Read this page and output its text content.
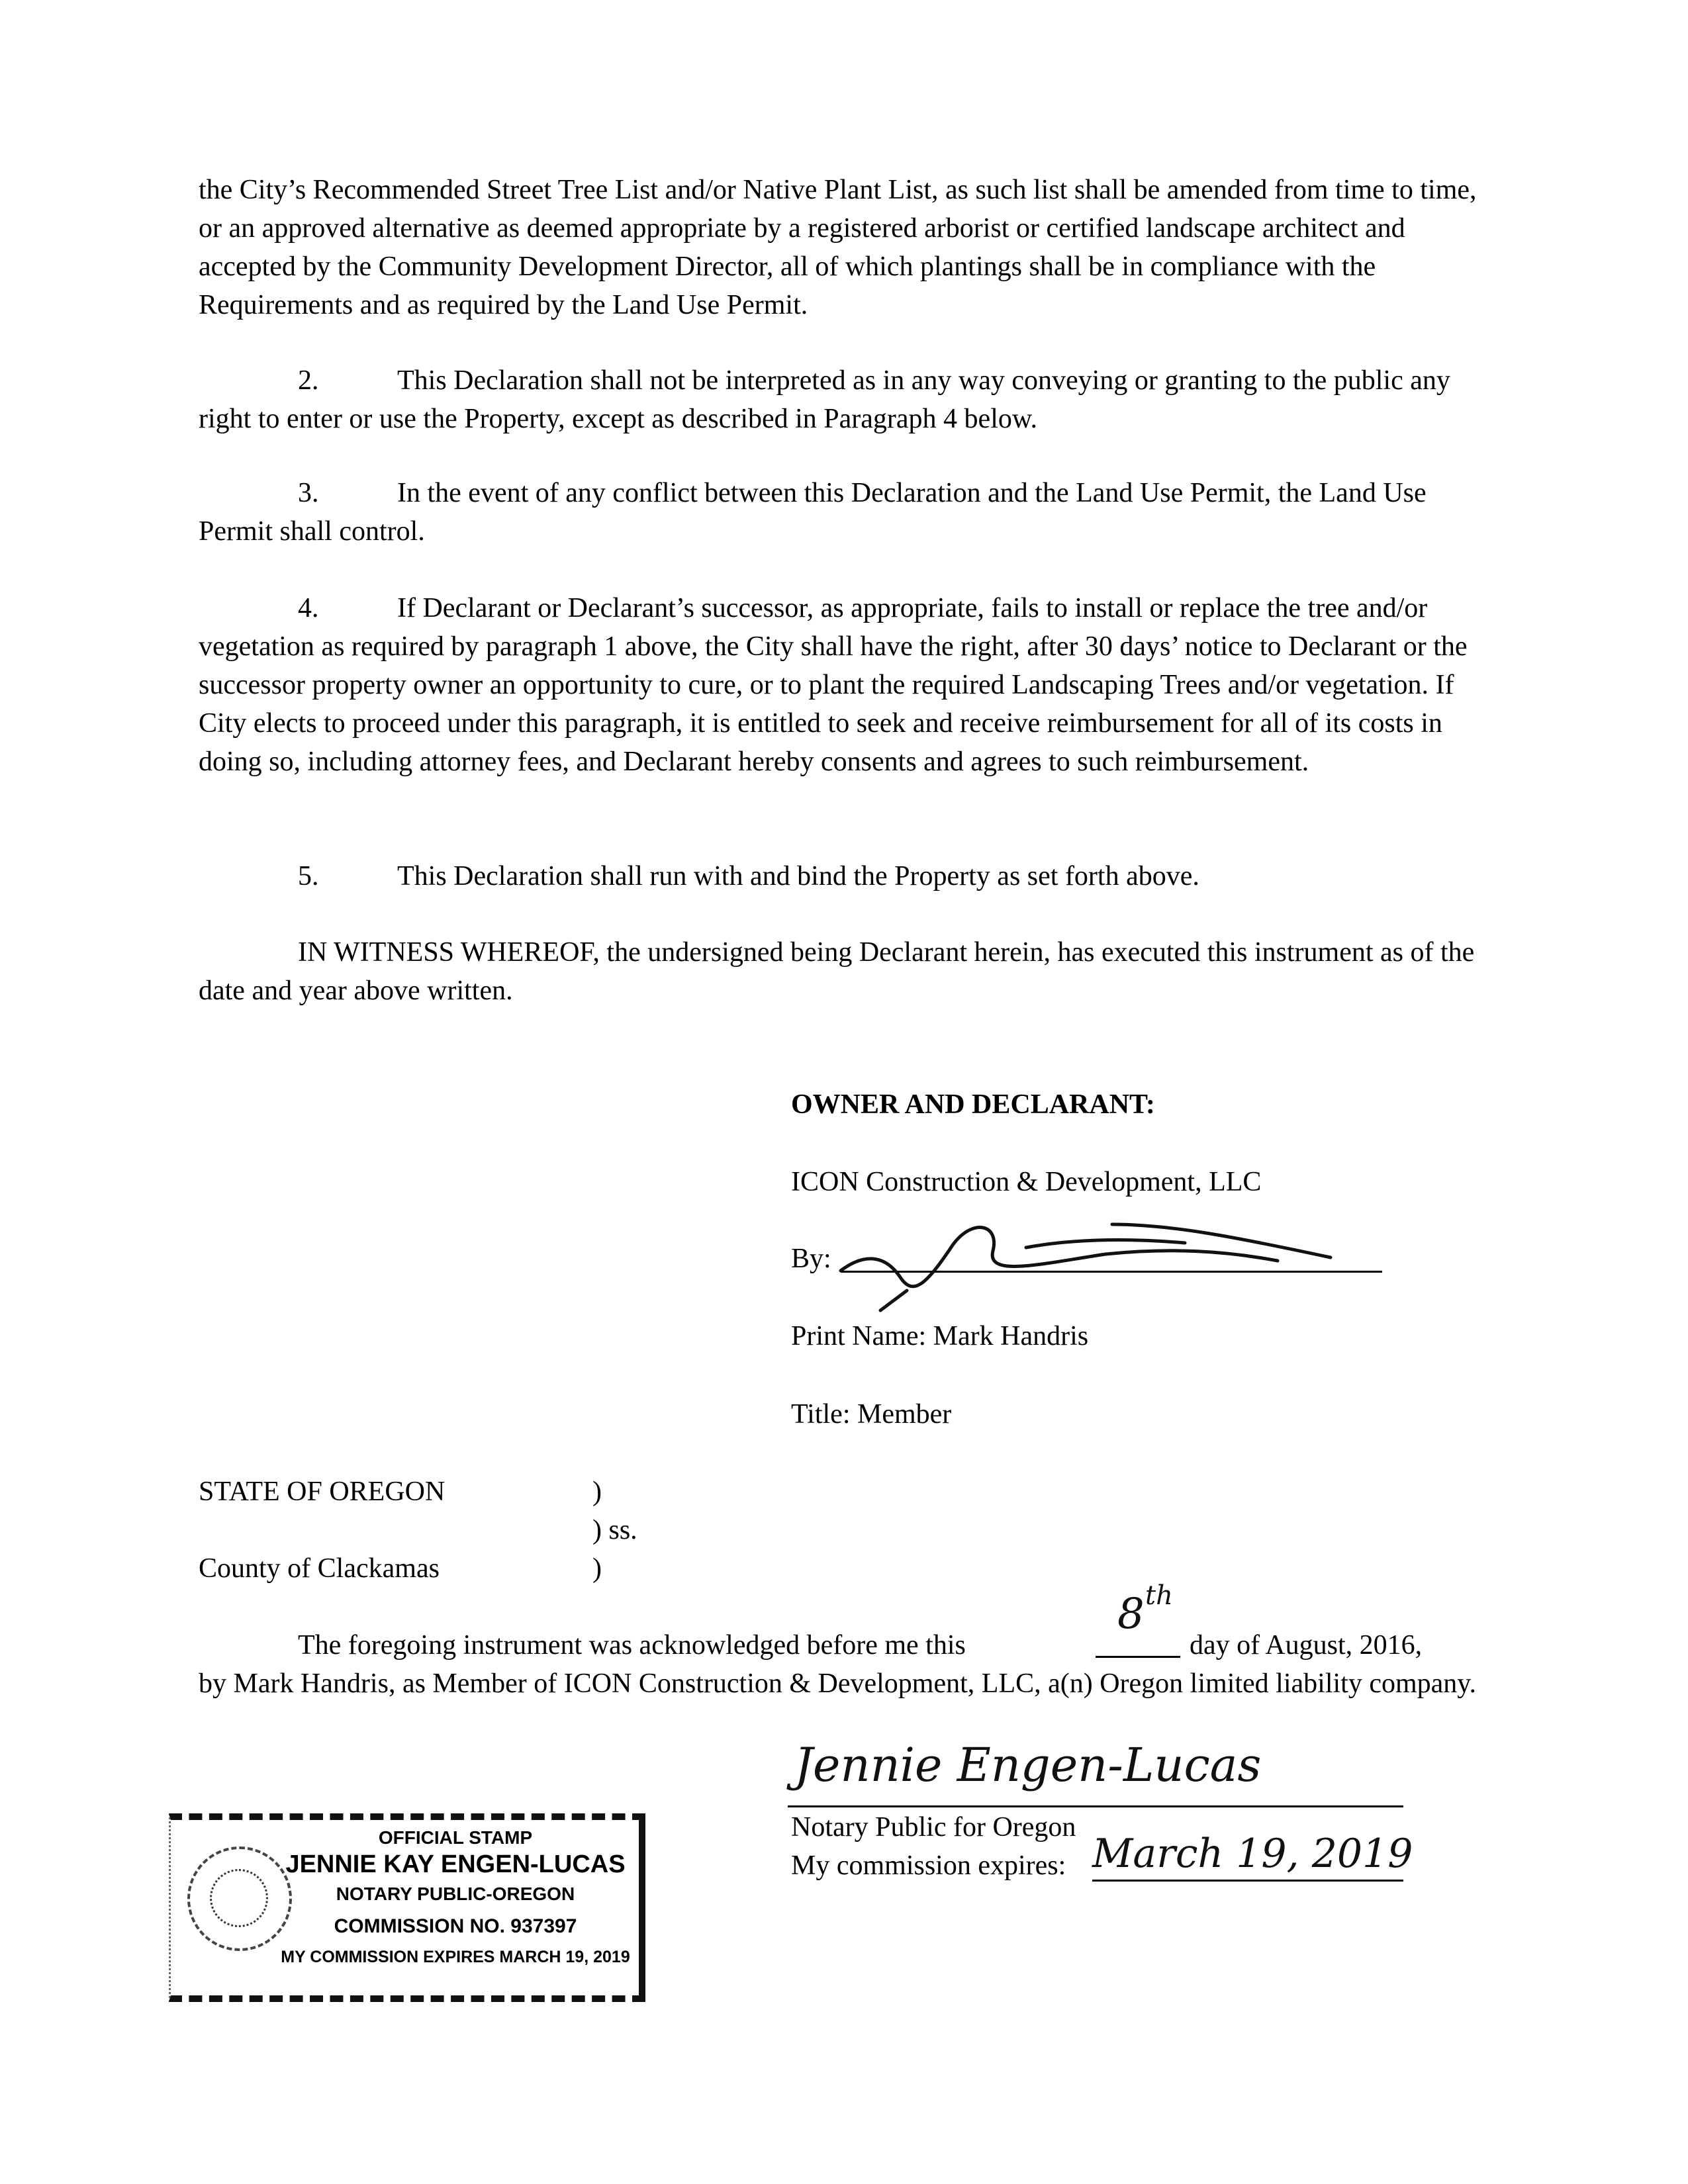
the City’s Recommended Street Tree List and/or Native Plant List, as such list shall be amended from time to time, or an approved alternative as deemed appropriate by a registered arborist or certified landscape architect and accepted by the Community Development Director, all of which plantings shall be in compliance with the Requirements and as required by the Land Use Permit.

2.	This Declaration shall not be interpreted as in any way conveying or granting to the public any right to enter or use the Property, except as described in Paragraph 4 below.

3.	In the event of any conflict between this Declaration and the Land Use Permit, the Land Use Permit shall control.

4.	If Declarant or Declarant’s successor, as appropriate, fails to install or replace the tree and/or vegetation as required by paragraph 1 above, the City shall have the right, after 30 days’ notice to Declarant or the successor property owner an opportunity to cure, or to plant the required Landscaping Trees and/or vegetation. If City elects to proceed under this paragraph, it is entitled to seek and receive reimbursement for all of its costs in doing so, including attorney fees, and Declarant hereby consents and agrees to such reimbursement.

5.	This Declaration shall run with and bind the Property as set forth above.

IN WITNESS WHEREOF, the undersigned being Declarant herein, has executed this instrument as of the date and year above written.

OWNER AND DECLARANT:
ICON Construction & Development, LLC
By:
Print Name: Mark Handris
Title: Member
STATE OF OREGON	)
) ss.
County of Clackamas	)
The foregoing instrument was acknowledged before me this
8 th
day of August, 2016,

by Mark Handris, as Member of ICON Construction & Development, LLC, a(n) Oregon limited liability company.

Jennie Engen-Lucas
Notary Public for Oregon
My commission expires: March 19, 2019
OFFICIAL STAMP
JENNIE KAY ENGEN-LUCAS
NOTARY PUBLIC-OREGON
COMMISSION NO. 937397
MY COMMISSION EXPIRES MARCH 19, 2019
